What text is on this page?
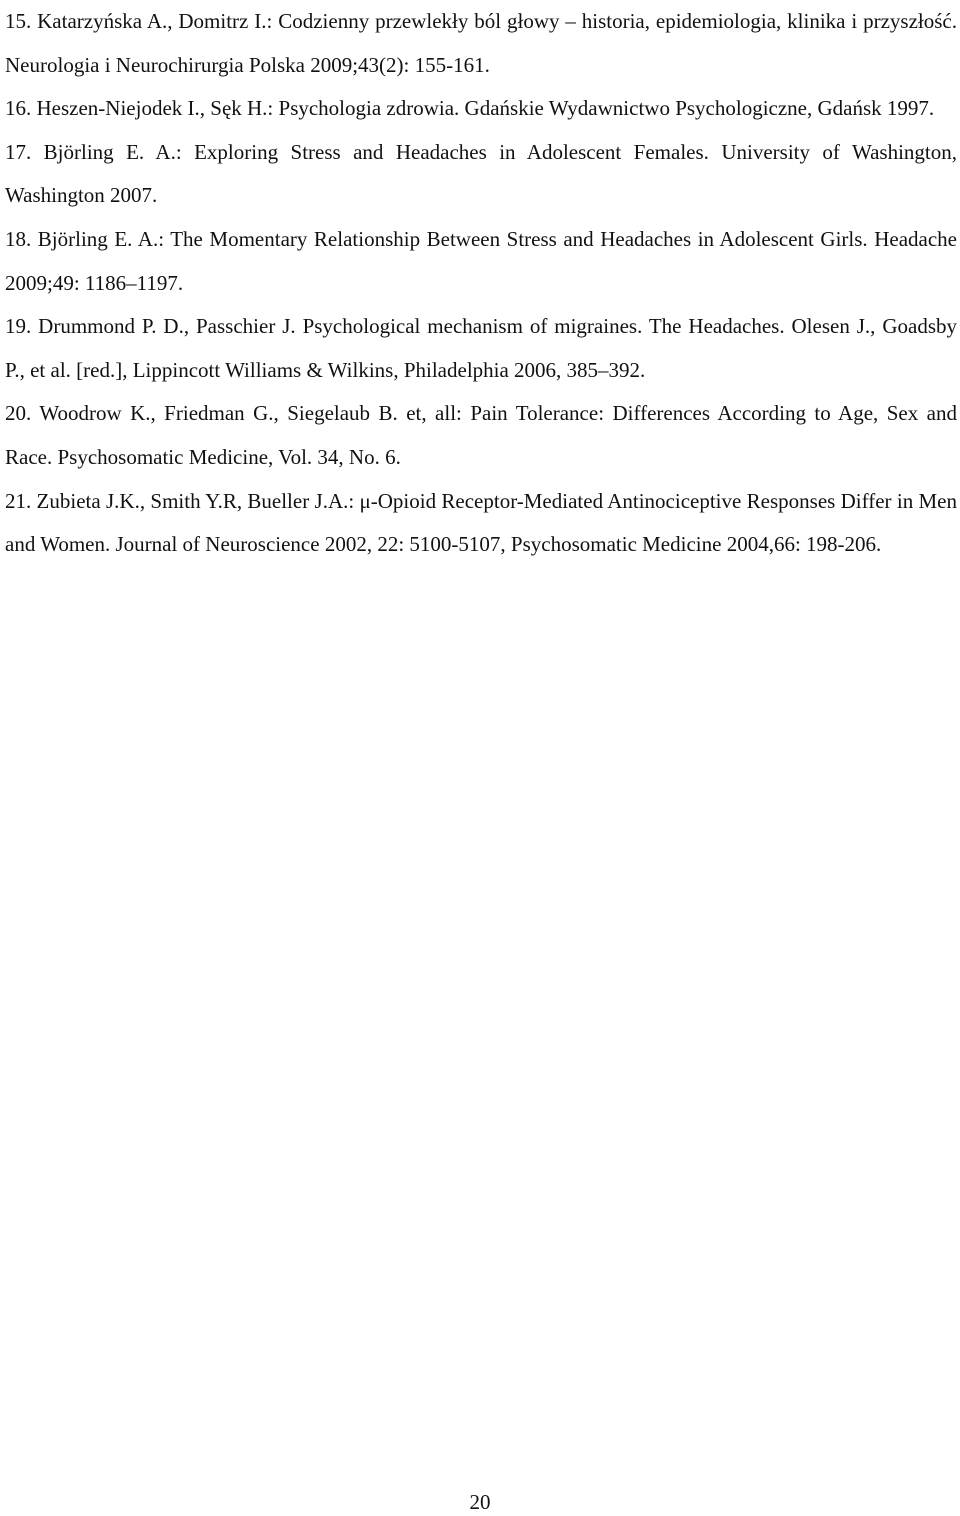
15. Katarzyńska A., Domitrz I.: Codzienny przewlekły ból głowy – historia, epidemiologia, klinika i przyszłość. Neurologia i Neurochirurgia Polska 2009;43(2): 155-161.

16. Heszen-Niejodek I., Sęk H.: Psychologia zdrowia. Gdańskie Wydawnictwo Psychologiczne, Gdańsk 1997.

17. Björling E. A.: Exploring Stress and Headaches in Adolescent Females. University of Washington, Washington 2007.

18. Björling E. A.: The Momentary Relationship Between Stress and Headaches in Adolescent Girls. Headache 2009;49: 1186–1197.

19. Drummond P. D., Passchier J. Psychological mechanism of migraines. The Headaches. Olesen J., Goadsby P., et al. [red.], Lippincott Williams & Wilkins, Philadelphia 2006, 385–392.

20. Woodrow K., Friedman G., Siegelaub B. et, all: Pain Tolerance: Differences According to Age, Sex and Race. Psychosomatic Medicine, Vol. 34, No. 6.

21. Zubieta J.K., Smith Y.R, Bueller J.A.: μ-Opioid Receptor-Mediated Antinociceptive Responses Differ in Men and Women. Journal of Neuroscience 2002, 22: 5100-5107, Psychosomatic Medicine 2004,66: 198-206.

20
